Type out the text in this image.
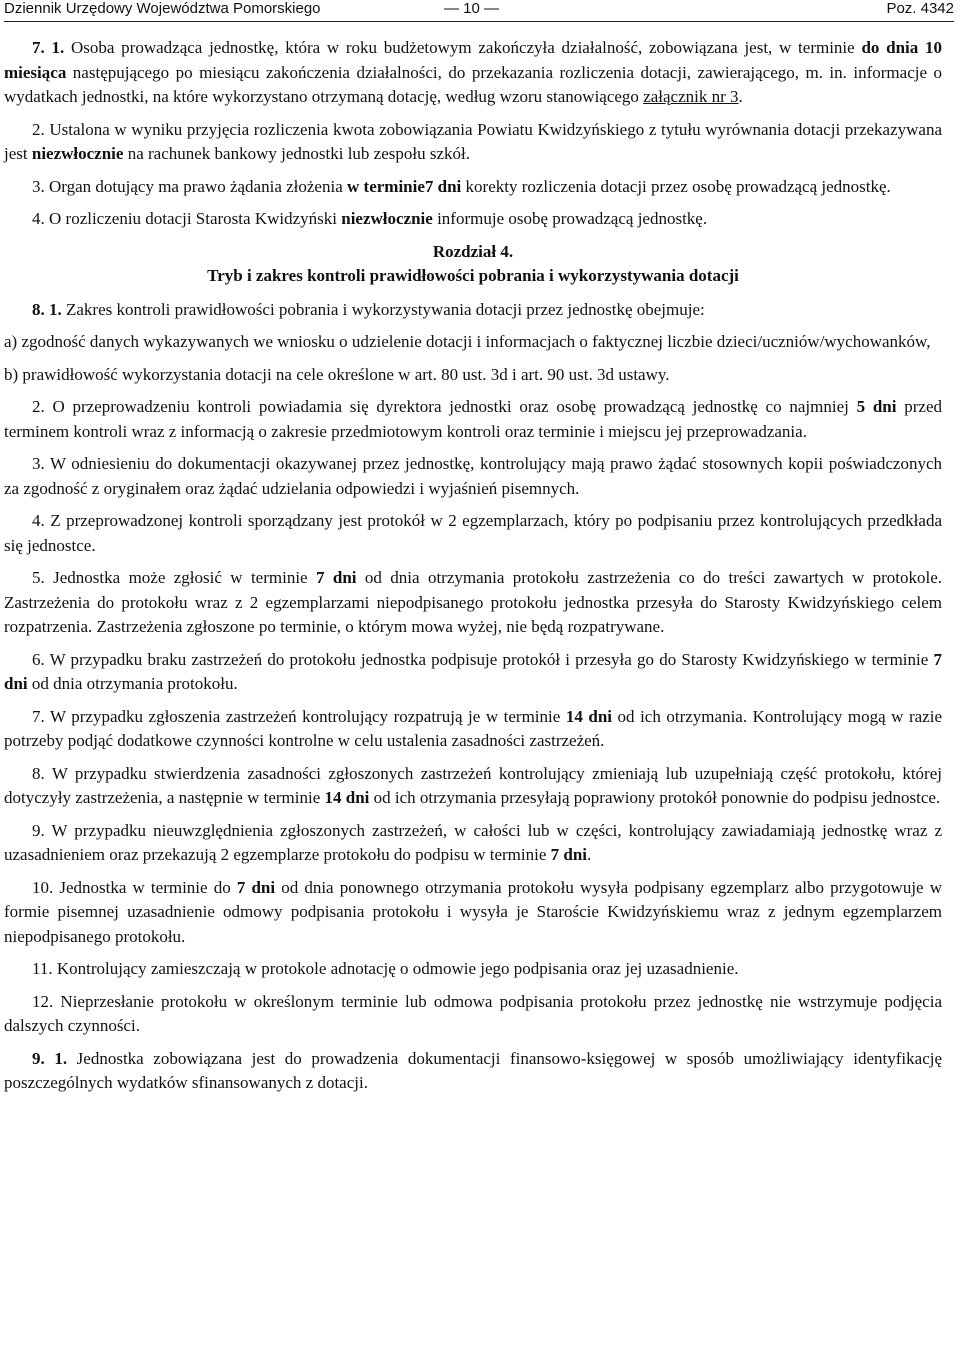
Dziennik Urzędowy Województwa Pomorskiego	— 10 —	Poz. 4342

7. 1. Osoba prowadząca jednostkę, która w roku budżetowym zakończyła działalność, zobowiązana jest, w terminie do dnia 10 miesiąca następującego po miesiącu zakończenia działalności, do przekazania rozliczenia dotacji, zawierającego, m. in. informacje o wydatkach jednostki, na które wykorzystano otrzymaną dotację, według wzoru stanowiącego załącznik nr 3.

2. Ustalona w wyniku przyjęcia rozliczenia kwota zobowiązania Powiatu Kwidzyńskiego z tytułu wyrównania dotacji przekazywana jest niezwłocznie na rachunek bankowy jednostki lub zespołu szkół.

3. Organ dotujący ma prawo żądania złożenia w terminie7 dni korekty rozliczenia dotacji przez osobę prowadzącą jednostkę.

4. O rozliczeniu dotacji Starosta Kwidzyński niezwłocznie informuje osobę prowadzącą jednostkę.

Rozdział 4.

Tryb i zakres kontroli prawidłowości pobrania i wykorzystywania dotacji

8. 1. Zakres kontroli prawidłowości pobrania i wykorzystywania dotacji przez jednostkę obejmuje:

a) zgodność danych wykazywanych we wniosku o udzielenie dotacji i informacjach o faktycznej liczbie dzieci/uczniów/wychowanków,

b) prawidłowość wykorzystania dotacji na cele określone w art. 80 ust. 3d i art. 90 ust. 3d ustawy.

2. O przeprowadzeniu kontroli powiadamia się dyrektora jednostki oraz osobę prowadzącą jednostkę co najmniej 5 dni przed terminem kontroli wraz z informacją o zakresie przedmiotowym kontroli oraz terminie i miejscu jej przeprowadzania.

3. W odniesieniu do dokumentacji okazywanej przez jednostkę, kontrolujący mają prawo żądać stosownych kopii poświadczonych za zgodność z oryginałem oraz żądać udzielania odpowiedzi i wyjaśnień pisemnych.

4. Z przeprowadzonej kontroli sporządzany jest protokół w 2 egzemplarzach, który po podpisaniu przez kontrolujących przedkłada się jednostce.

5. Jednostka może zgłosić w terminie 7 dni od dnia otrzymania protokołu zastrzeżenia co do treści zawartych w protokole. Zastrzeżenia do protokołu wraz z 2 egzemplarzami niepodpisanego protokołu jednostka przesyła do Starosty Kwidzyńskiego celem rozpatrzenia. Zastrzeżenia zgłoszone po terminie, o którym mowa wyżej, nie będą rozpatrywane.

6. W przypadku braku zastrzeżeń do protokołu jednostka podpisuje protokół i przesyła go do Starosty Kwidzyńskiego w terminie 7 dni od dnia otrzymania protokołu.

7. W przypadku zgłoszenia zastrzeżeń kontrolujący rozpatrują je w terminie 14 dni od ich otrzymania. Kontrolujący mogą w razie potrzeby podjąć dodatkowe czynności kontrolne w celu ustalenia zasadności zastrzeżeń.

8. W przypadku stwierdzenia zasadności zgłoszonych zastrzeżeń kontrolujący zmieniają lub uzupełniają część protokołu, której dotyczyły zastrzeżenia, a następnie w terminie 14 dni od ich otrzymania przesyłają poprawiony protokół ponownie do podpisu jednostce.

9. W przypadku nieuwzględnienia zgłoszonych zastrzeżeń, w całości lub w części, kontrolujący zawiadamiają jednostkę wraz z uzasadnieniem oraz przekazują 2 egzemplarze protokołu do podpisu w terminie 7 dni.

10. Jednostka w terminie do 7 dni od dnia ponownego otrzymania protokołu wysyła podpisany egzemplarz albo przygotowuje w formie pisemnej uzasadnienie odmowy podpisania protokołu i wysyła je Staroście Kwidzyńskiemu wraz z jednym egzemplarzem niepodpisanego protokołu.

11. Kontrolujący zamieszczają w protokole adnotację o odmowie jego podpisania oraz jej uzasadnienie.

12. Nieprzesłanie protokołu w określonym terminie lub odmowa podpisania protokołu przez jednostkę nie wstrzymuje podjęcia dalszych czynności.

9. 1. Jednostka zobowiązana jest do prowadzenia dokumentacji finansowo-księgowej w sposób umożliwiający identyfikację poszczególnych wydatków sfinansowanych z dotacji.
